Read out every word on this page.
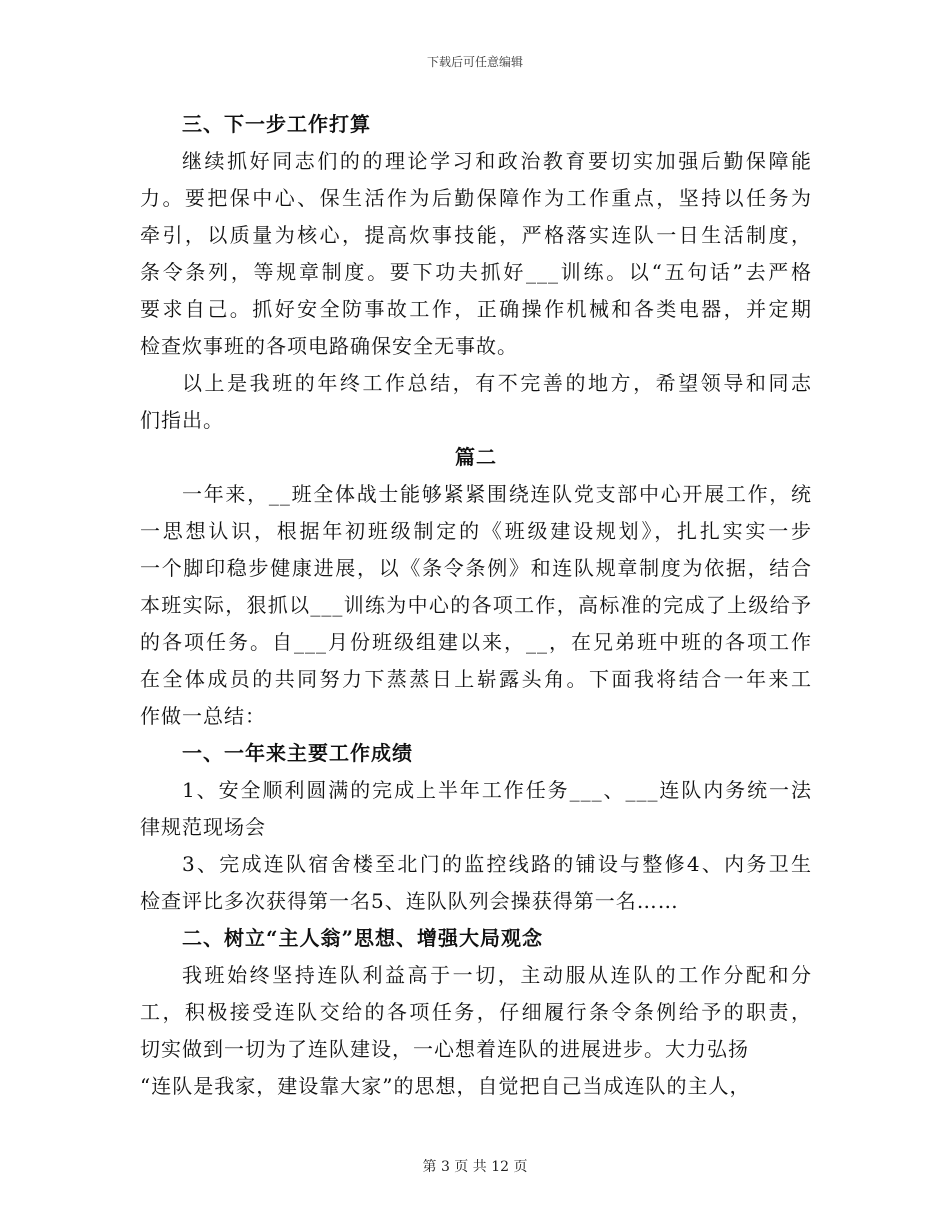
下载后可任意编辑
三、下一步工作打算
继续抓好同志们的的理论学习和政治教育要切实加强后勤保障能
力。要把保中心、保生活作为后勤保障作为工作重点，坚持以任务为
牵引，以质量为核心，提高炊事技能，严格落实连队一日生活制度，
条令条列，等规章制度。要下功夫抓好___训练。以“五句话”去严格
要求自己。抓好安全防事故工作，正确操作机械和各类电器，并定期
检查炊事班的各项电路确保安全无事故。
以上是我班的年终工作总结，有不完善的地方，希望领导和同志
们指出。
篇二
一年来，__班全体战士能够紧紧围绕连队党支部中心开展工作，统
一思想认识，根据年初班级制定的《班级建设规划》，扎扎实实一步
一个脚印稳步健康进展，以《条令条例》和连队规章制度为依据，结合
本班实际，狠抓以___训练为中心的各项工作，高标准的完成了上级给予
的各项任务。自___月份班级组建以来，__，在兄弟班中班的各项工作
在全体成员的共同努力下蒸蒸日上崭露头角。下面我将结合一年来工
作做一总结：
一、一年来主要工作成绩
1、安全顺利圆满的完成上半年工作任务___、___连队内务统一法
律规范现场会
3、完成连队宿舍楼至北门的监控线路的铺设与整修4、内务卫生
检查评比多次获得第一名5、连队队列会操获得第一名……
二、树立“主人翁”思想、增强大局观念
我班始终坚持连队利益高于一切，主动服从连队的工作分配和分
工，积极接受连队交给的各项任务，仔细履行条令条例给予的职责，
切实做到一切为了连队建设，一心想着连队的进展进步。大力弘扬
“连队是我家，建设靠大家”的思想，自觉把自己当成连队的主人，
第 3 页 共 12 页
